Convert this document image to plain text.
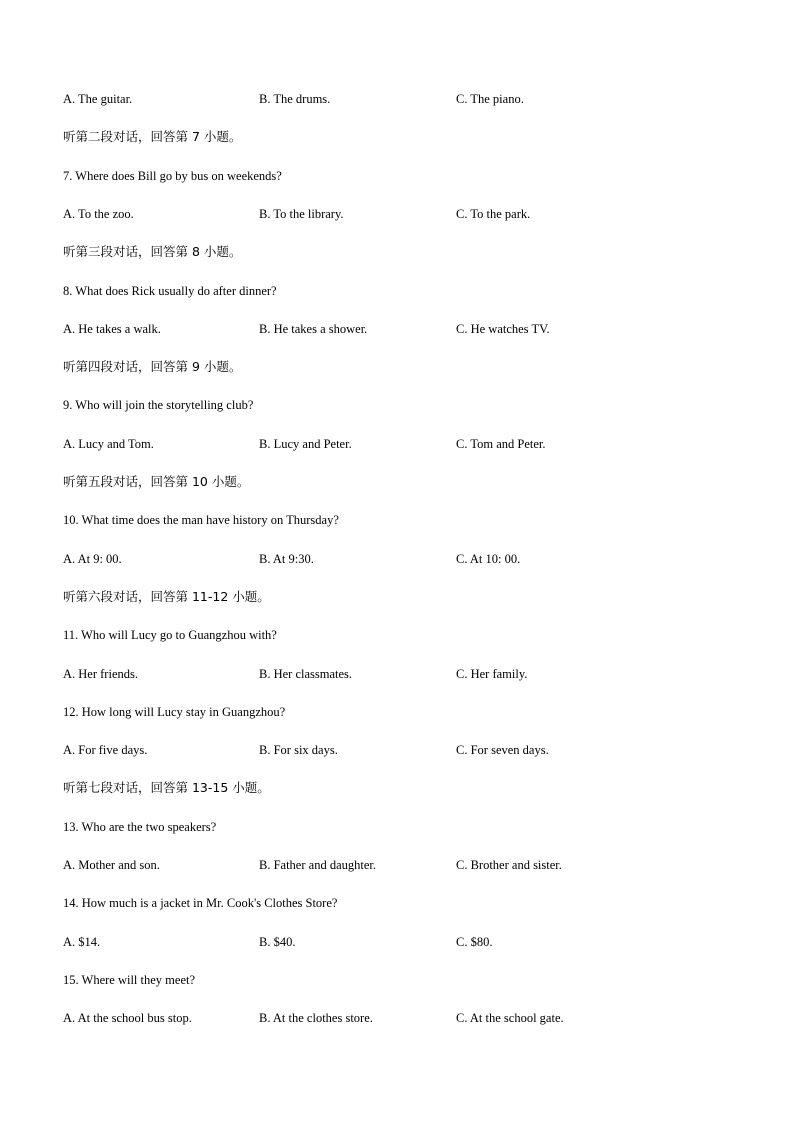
A. The guitar.	B. The drums.	C. The piano.
听第二段对话，回答第 7 小题。
7. Where does Bill go by bus on weekends?
A. To the zoo.	B. To the library.	C. To the park.
听第三段对话，回答第 8 小题。
8. What does Rick usually do after dinner?
A. He takes a walk.	B. He takes a shower.	C. He watches TV.
听第四段对话，回答第 9 小题。
9. Who will join the storytelling club?
A. Lucy and Tom.	B. Lucy and Peter.	C. Tom and Peter.
听第五段对话，回答第 10 小题。
10. What time does the man have history on Thursday?
A. At 9: 00.	B. At 9:30.	C. At 10: 00.
听第六段对话，回答第 11-12 小题。
11. Who will Lucy go to Guangzhou with?
A. Her friends.	B. Her classmates.	C. Her family.
12. How long will Lucy stay in Guangzhou?
A. For five days.	B. For six days.	C. For seven days.
听第七段对话，回答第 13-15 小题。
13. Who are the two speakers?
A. Mother and son.	B. Father and daughter.	C. Brother and sister.
14. How much is a jacket in Mr. Cook's Clothes Store?
A. $14.	B. $40.	C. $80.
15. Where will they meet?
A. At the school bus stop.	B. At the clothes store.	C. At the school gate.
